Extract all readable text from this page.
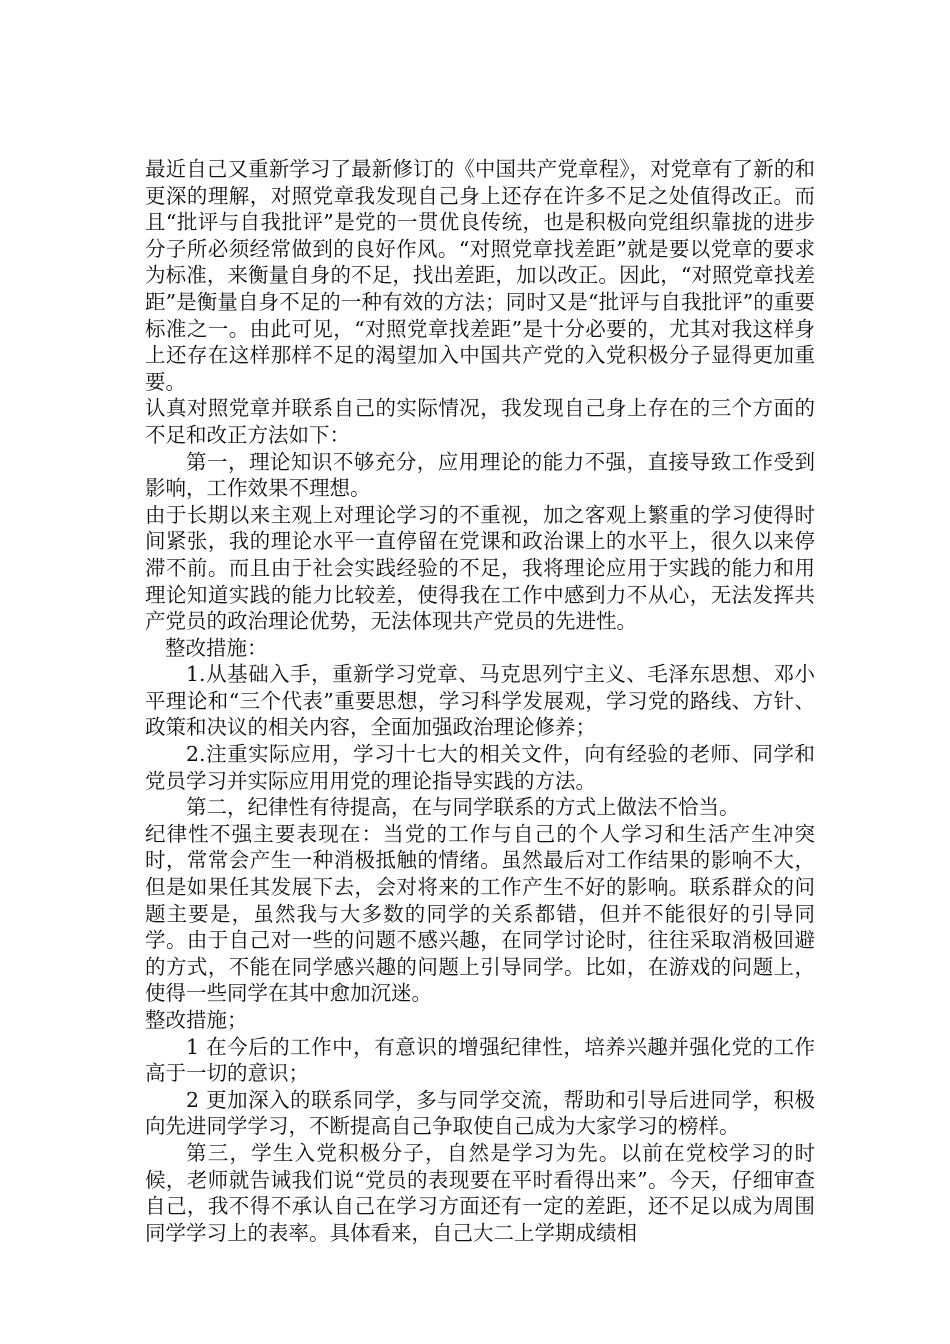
最近自己又重新学习了最新修订的《中国共产党章程》，对党章有了新的和更深的理解，对照党章我发现自己身上还存在许多不足之处值得改正。而且“批评与自我批评”是党的一贯优良传统，也是积极向党组织靠拢的进步分子所必须经常做到的良好作风。“对照党章找差距”就是要以党章的要求为标准，来衡量自身的不足，找出差距，加以改正。因此，“对照党章找差距”是衡量自身不足的一种有效的方法；同时又是“批评与自我批评”的重要标准之一。由此可见，“对照党章找差距”是十分必要的，尤其对我这样身上还存在这样那样不足的渴望加入中国共产党的入党积极分子显得更加重要。

认真对照党章并联系自己的实际情况，我发现自己身上存在的三个方面的不足和改正方法如下：

第一，理论知识不够充分，应用理论的能力不强，直接导致工作受到影响，工作效果不理想。

由于长期以来主观上对理论学习的不重视，加之客观上繁重的学习使得时间紧张，我的理论水平一直停留在党课和政治课上的水平上，很久以来停滞不前。而且由于社会实践经验的不足，我将理论应用于实践的能力和用理论知道实践的能力比较差，使得我在工作中感到力不从心，无法发挥共产党员的政治理论优势，无法体现共产党员的先进性。

整改措施：

1.从基础入手，重新学习党章、马克思列宁主义、毛泽东思想、邓小平理论和“三个代表”重要思想，学习科学发展观，学习党的路线、方针、政策和决议的相关内容，全面加强政治理论修养；

2.注重实际应用，学习十七大的相关文件，向有经验的老师、同学和党员学习并实际应用用党的理论指导实践的方法。

第二，纪律性有待提高，在与同学联系的方式上做法不恰当。

纪律性不强主要表现在：当党的工作与自己的个人学习和生活产生冲突时，常常会产生一种消极抵触的情绪。虽然最后对工作结果的影响不大，但是如果任其发展下去，会对将来的工作产生不好的影响。联系群众的问题主要是，虽然我与大多数的同学的关系都错，但并不能很好的引导同学。由于自己对一些的问题不感兴趣，在同学讨论时，往往采取消极回避的方式，不能在同学感兴趣的问题上引导同学。比如，在游戏的问题上，使得一些同学在其中愈加沉迷。

整改措施；

1 在今后的工作中，有意识的增强纪律性，培养兴趣并强化党的工作高于一切的意识；

2 更加深入的联系同学，多与同学交流，帮助和引导后进同学，积极向先进同学学习，不断提高自己争取使自己成为大家学习的榜样。

第三，学生入党积极分子，自然是学习为先。以前在党校学习的时候，老师就告诫我们说“党员的表现要在平时看得出来”。今天，仔细审查自己，我不得不承认自己在学习方面还有一定的差距，还不足以成为周围同学学习上的表率。具体看来，自己大二上学期成绩相
